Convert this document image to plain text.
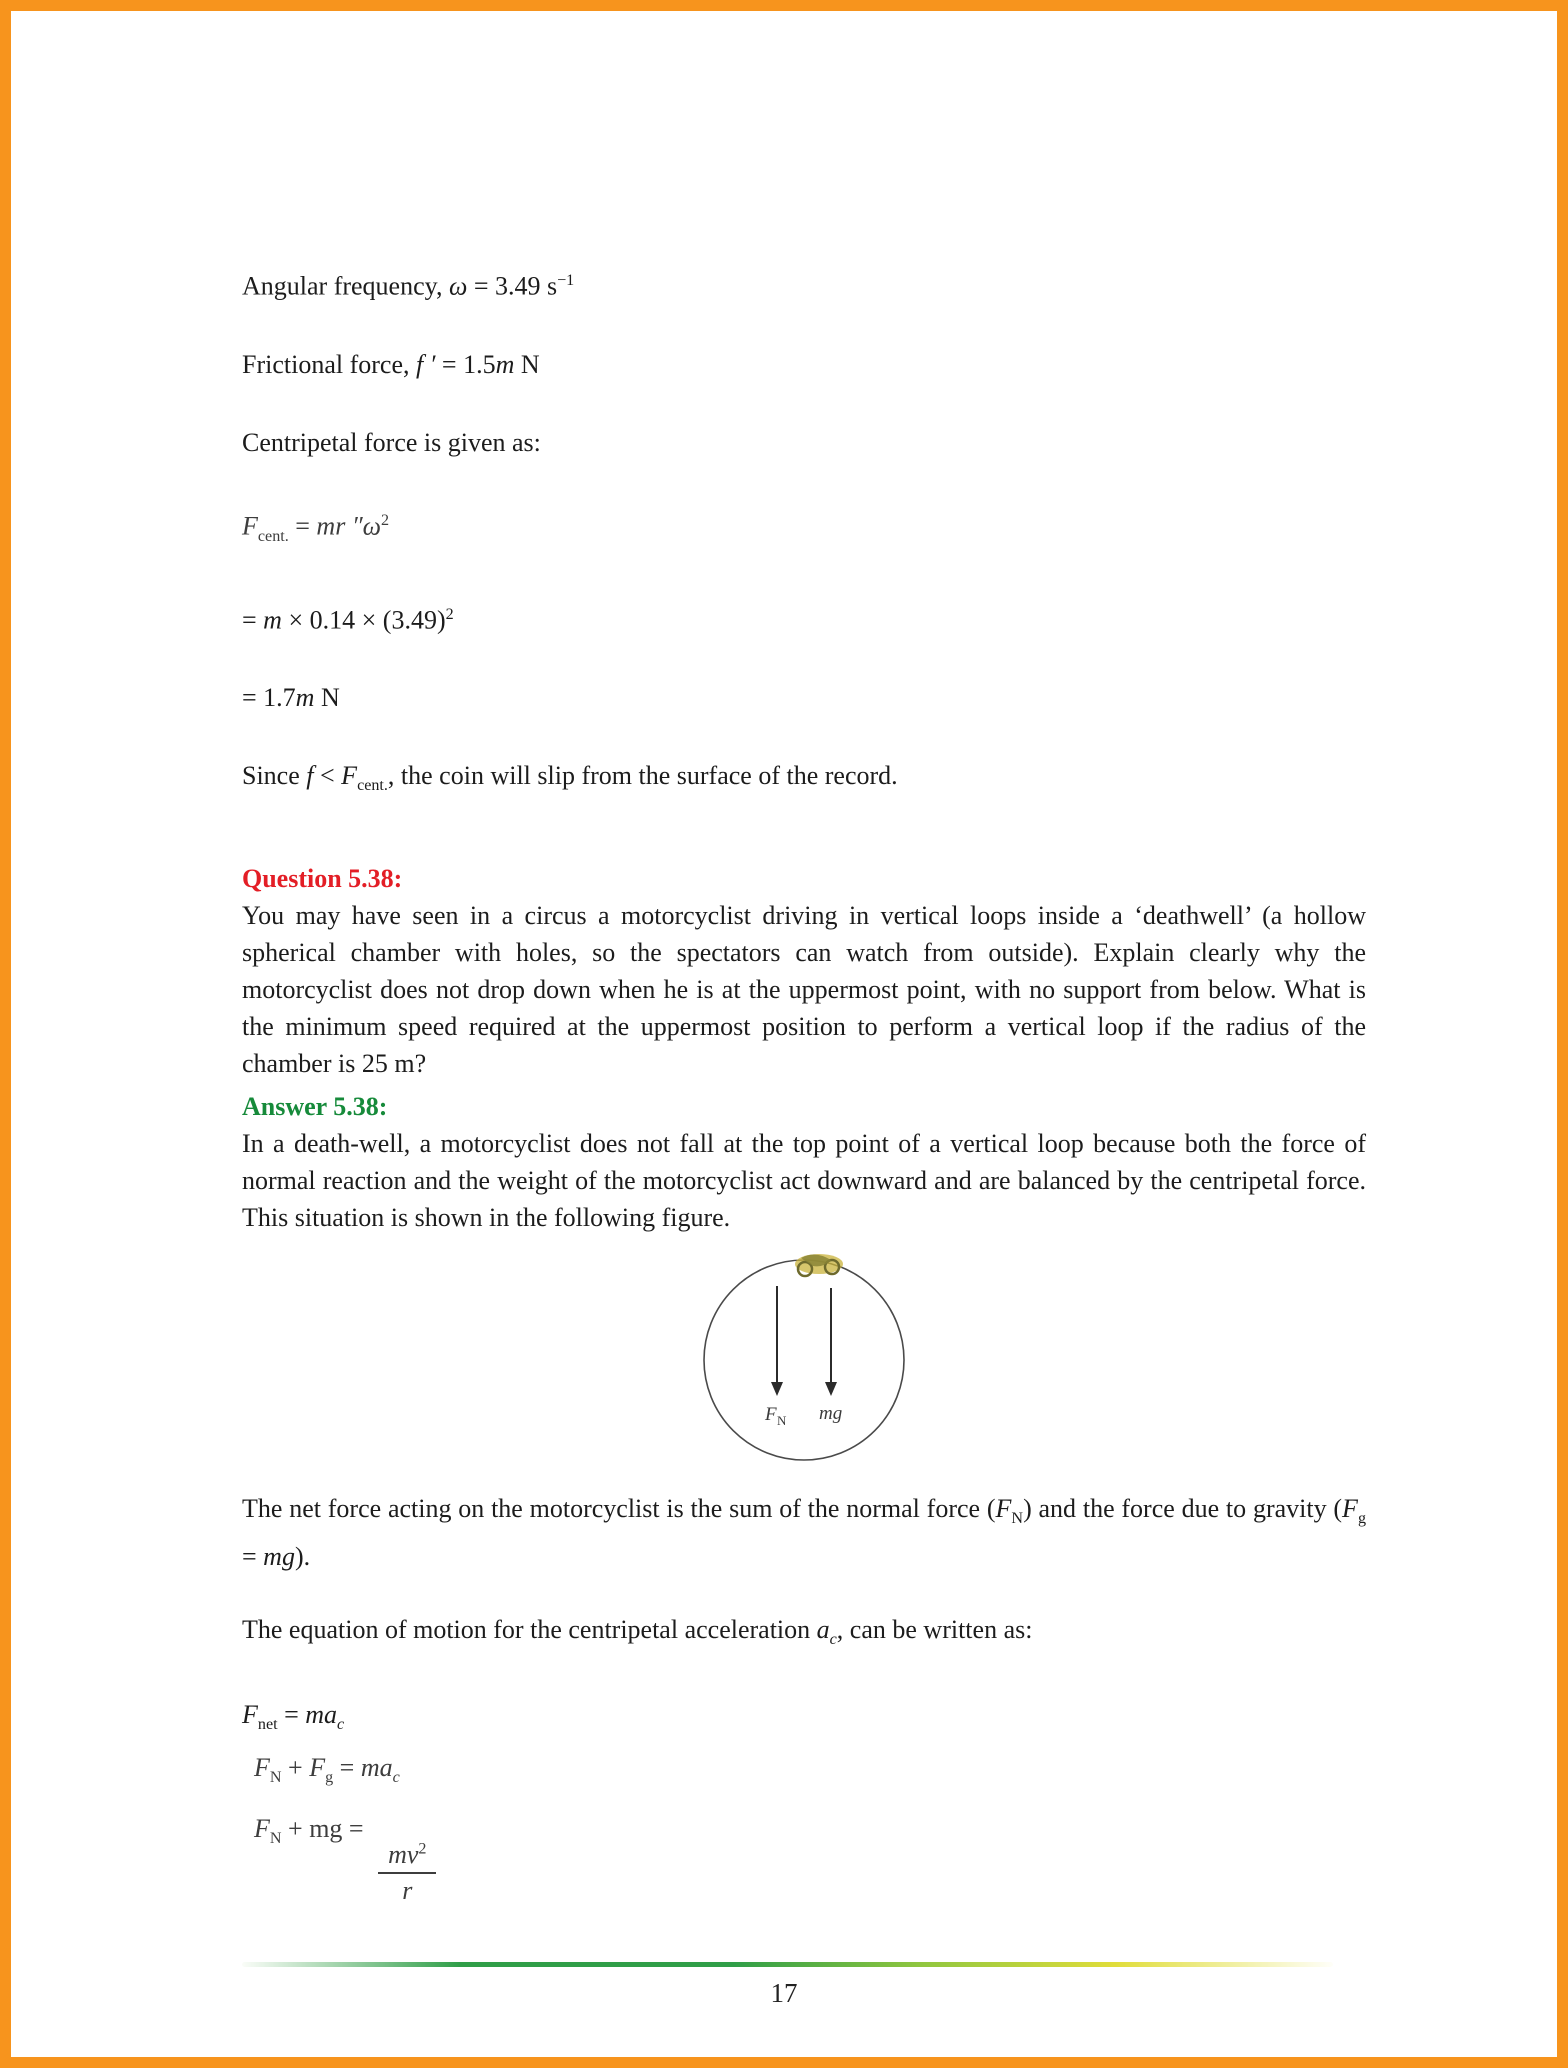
Angular frequency, ω = 3.49 $s^{-1}$

Frictional force, f ′ = 1.5m N

Centripetal force is given as:

$F_{cent.}$ = mr $''\omega^2$

= $m \times 0.14 \times (3.49)^2$

= 1.7m N

Since $f < F_{cent.}$, the coin will slip from the surface of the record.

Question 5.38:

You may have seen in a circus a motorcyclist driving in vertical loops inside a ‘deathwell’ (a hollow spherical chamber with holes, so the spectators can watch from outside). Explain clearly why the motorcyclist does not drop down when he is at the uppermost point, with no support from below. What is the minimum speed required at the uppermost position to perform a vertical loop if the radius of the chamber is 25 m?

Answer 5.38:

In a death-well, a motorcyclist does not fall at the top point of a vertical loop because both the force of normal reaction and the weight of the motorcyclist act downward and are balanced by the centripetal force. This situation is shown in the following figure.

F N mg

The net force acting on the motorcyclist is the sum of the normal force $(F_N)$ and the force due to gravity $(F_g = mg)$.

The equation of motion for the centripetal acceleration $a_c$, can be written as:

$F_{net} = ma_c$

$F_N + F_g = ma_c$

$F_N$ + mg =
$\frac{mv^2}{r}$

17
